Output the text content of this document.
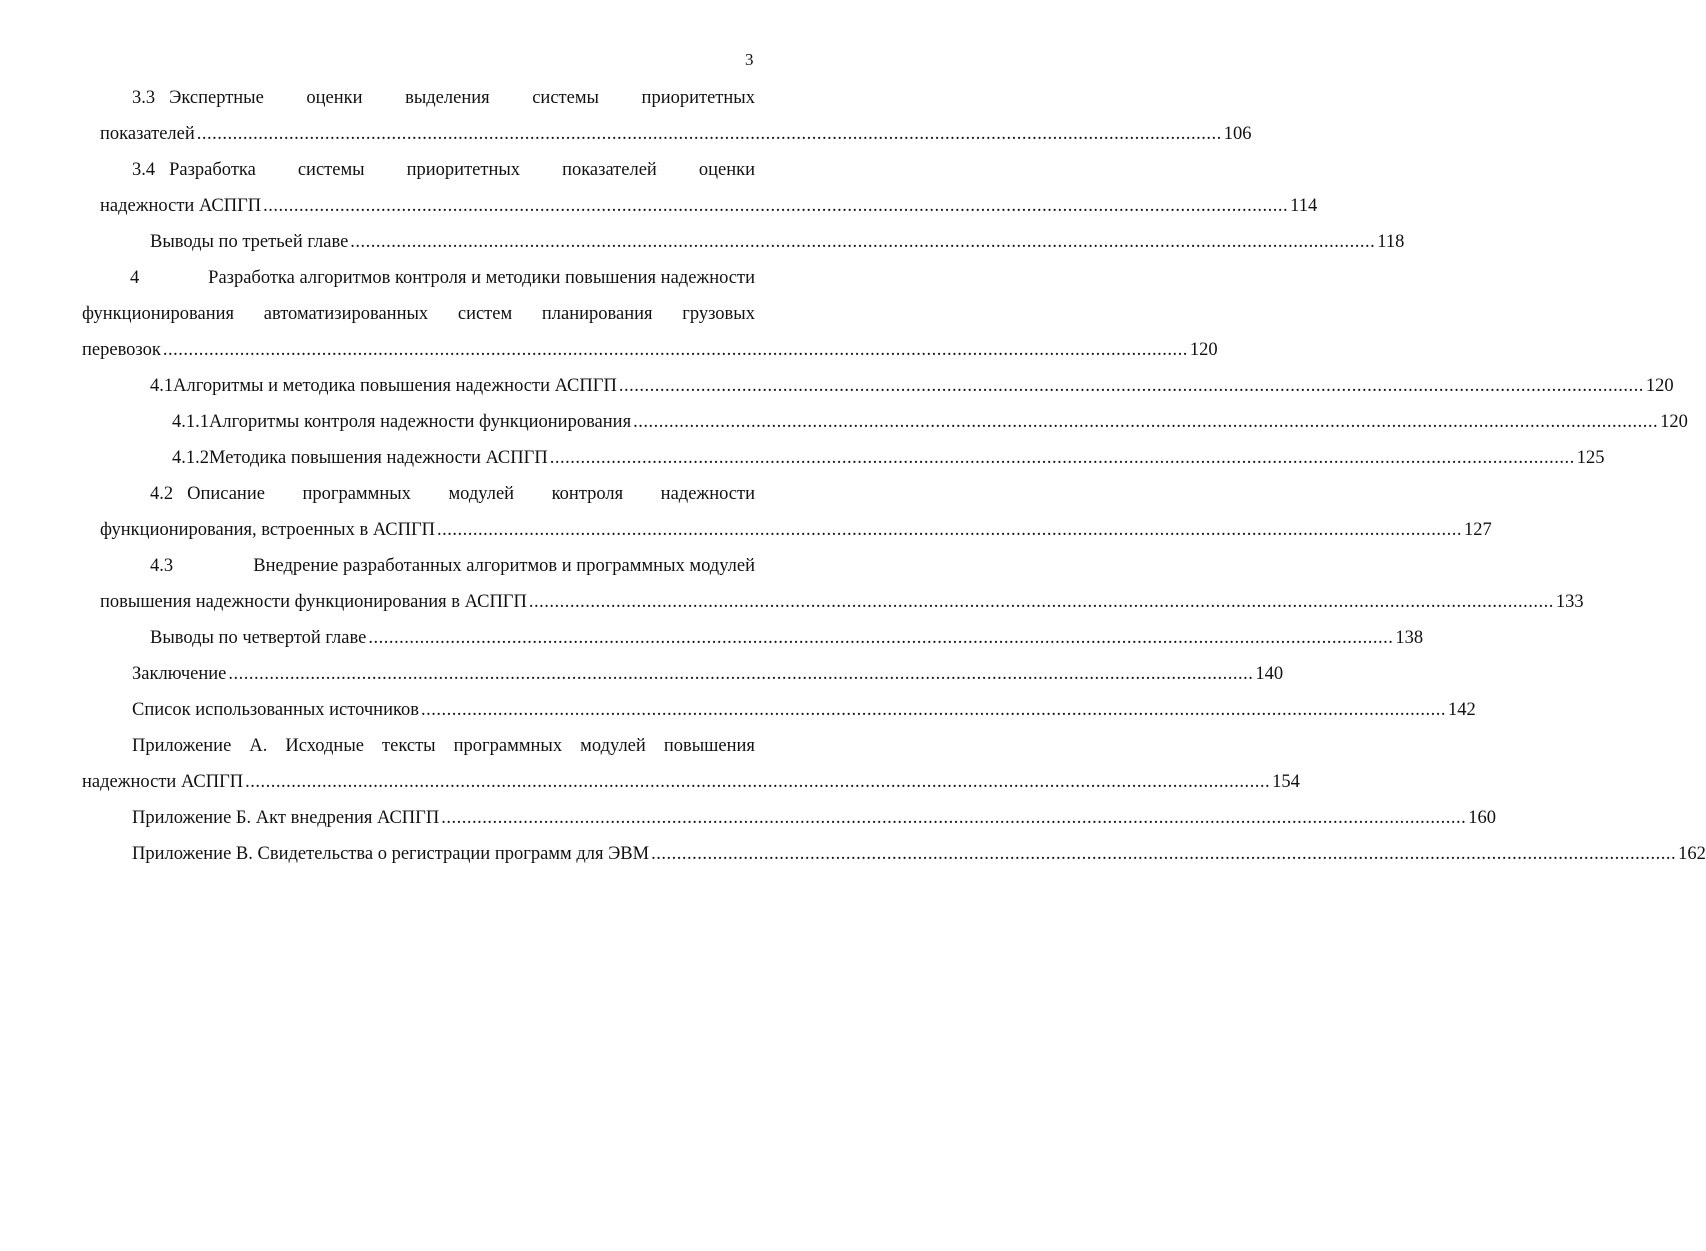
3
3.3 Экспертные оценки выделения системы приоритетных
показателей ........................................................................................................................................................................................................ 106
3.4 Разработка системы приоритетных показателей оценки
надежности АСПГП ........................................................................................................................................................................................................ 114
Выводы по третьей главе ........................................................................................................................................................................................................ 118
4	Разработка алгоритмов контроля и методики повышения надежности
функционирования автоматизированных систем планирования грузовых
перевозок ........................................................................................................................................................................................................ 120
4.1 Алгоритмы и методика повышения надежности АСПГП ........................................................................................................................................................................................................ 120
4.1.1 Алгоритмы контроля надежности функционирования ........................................................................................................................................................................................................ 120
4.1.2 Методика повышения надежности АСПГП ........................................................................................................................................................................................................ 125
4.2 Описание программных модулей контроля надежности
функционирования, встроенных в АСПГП ........................................................................................................................................................................................................ 127
4.3	Внедрение разработанных алгоритмов и программных модулей
повышения надежности функционирования в АСПГП ........................................................................................................................................................................................................ 133
Выводы по четвертой главе ........................................................................................................................................................................................................ 138
Заключение ........................................................................................................................................................................................................ 140
Список использованных источников ........................................................................................................................................................................................................ 142
Приложение А. Исходные тексты программных модулей повышения
надежности АСПГП ........................................................................................................................................................................................................ 154
Приложение Б. Акт внедрения АСПГП ........................................................................................................................................................................................................ 160
Приложение В. Свидетельства о регистрации программ для ЭВМ ........................................................................................................................................................................................................ 162
